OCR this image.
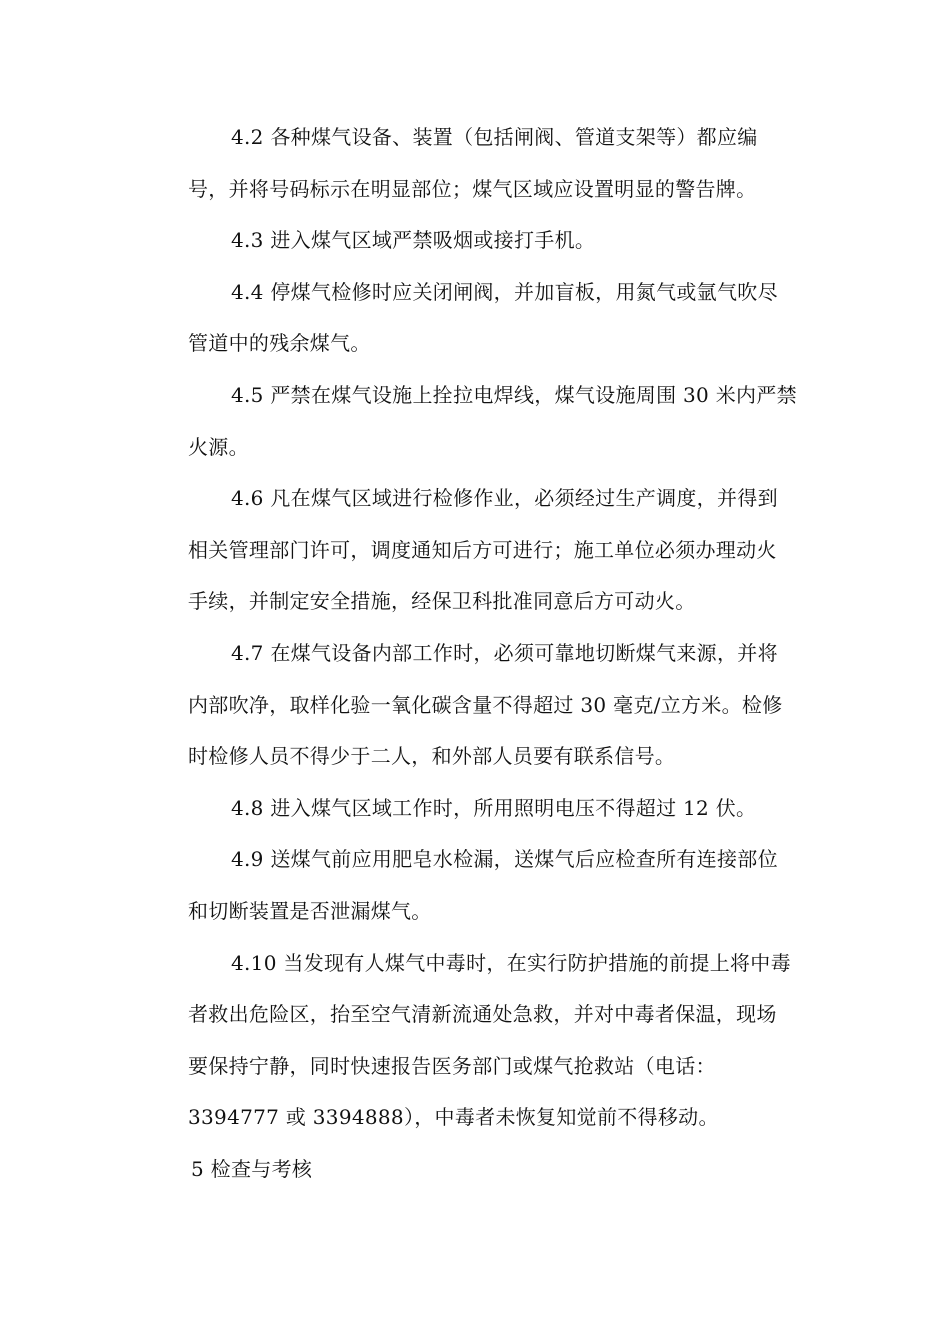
4.2 各种煤气设备、装置（包括闸阀、管道支架等）都应编
号，并将号码标示在明显部位；煤气区域应设置明显的警告牌。
4.3 进入煤气区域严禁吸烟或接打手机。
4.4 停煤气检修时应关闭闸阀，并加盲板，用氮气或氩气吹尽
管道中的残余煤气。
4.5 严禁在煤气设施上拴拉电焊线，煤气设施周围 30 米内严禁
火源。
4.6 凡在煤气区域进行检修作业，必须经过生产调度，并得到
相关管理部门许可，调度通知后方可进行；施工单位必须办理动火
手续，并制定安全措施，经保卫科批准同意后方可动火。
4.7 在煤气设备内部工作时，必须可靠地切断煤气来源，并将
内部吹净，取样化验一氧化碳含量不得超过 30 毫克/立方米。检修
时检修人员不得少于二人，和外部人员要有联系信号。
4.8 进入煤气区域工作时，所用照明电压不得超过 12 伏。
4.9 送煤气前应用肥皂水检漏，送煤气后应检查所有连接部位
和切断装置是否泄漏煤气。
4.10 当发现有人煤气中毒时，在实行防护措施的前提上将中毒
者救出危险区，抬至空气清新流通处急救，并对中毒者保温，现场
要保持宁静，同时快速报告医务部门或煤气抢救站（电话：
3394777 或 3394888），中毒者未恢复知觉前不得移动。
5 检查与考核
